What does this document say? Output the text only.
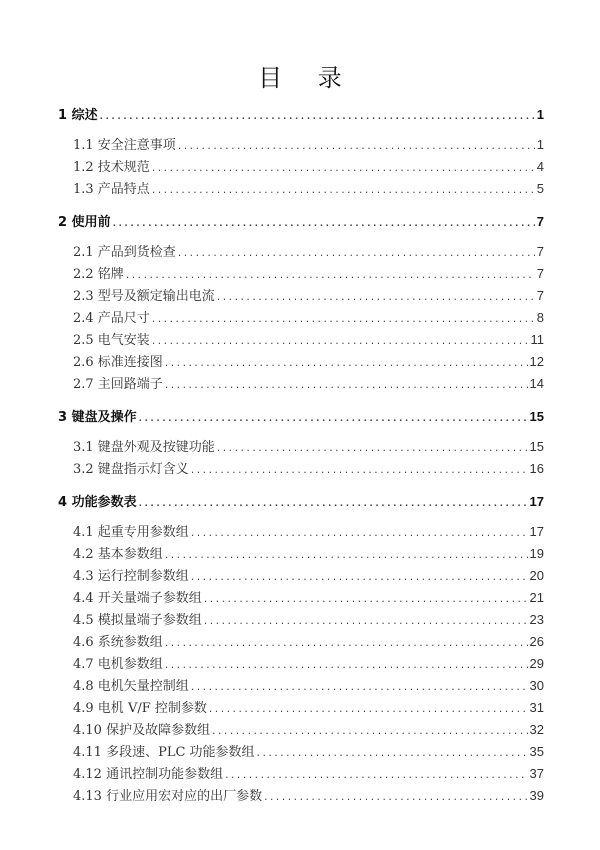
目 录
1 综述 .....	1
1.1 安全注意事项 .....	1
1.2 技术规范 .....	4
1.3 产品特点 .....	5
2 使用前 .....	7
2.1 产品到货检查 .....	7
2.2 铭牌 .....	7
2.3 型号及额定输出电流 .....	7
2.4 产品尺寸 .....	8
2.5 电气安装 .....	11
2.6 标准连接图 .....	12
2.7 主回路端子 .....	14
3 键盘及操作 .....	15
3.1 键盘外观及按键功能 .....	15
3.2 键盘指示灯含义 .....	16
4 功能参数表 .....	17
4.1 起重专用参数组 .....	17
4.2 基本参数组 .....	19
4.3 运行控制参数组 .....	20
4.4 开关量端子参数组 .....	21
4.5 模拟量端子参数组 .....	23
4.6 系统参数组 .....	26
4.7 电机参数组 .....	29
4.8 电机矢量控制组 .....	30
4.9 电机 V/F 控制参数 .....	31
4.10 保护及故障参数组 .....	32
4.11 多段速、PLC 功能参数组 .....	35
4.12 通讯控制功能参数组 .....	37
4.13 行业应用宏对应的出厂参数 .....	39
